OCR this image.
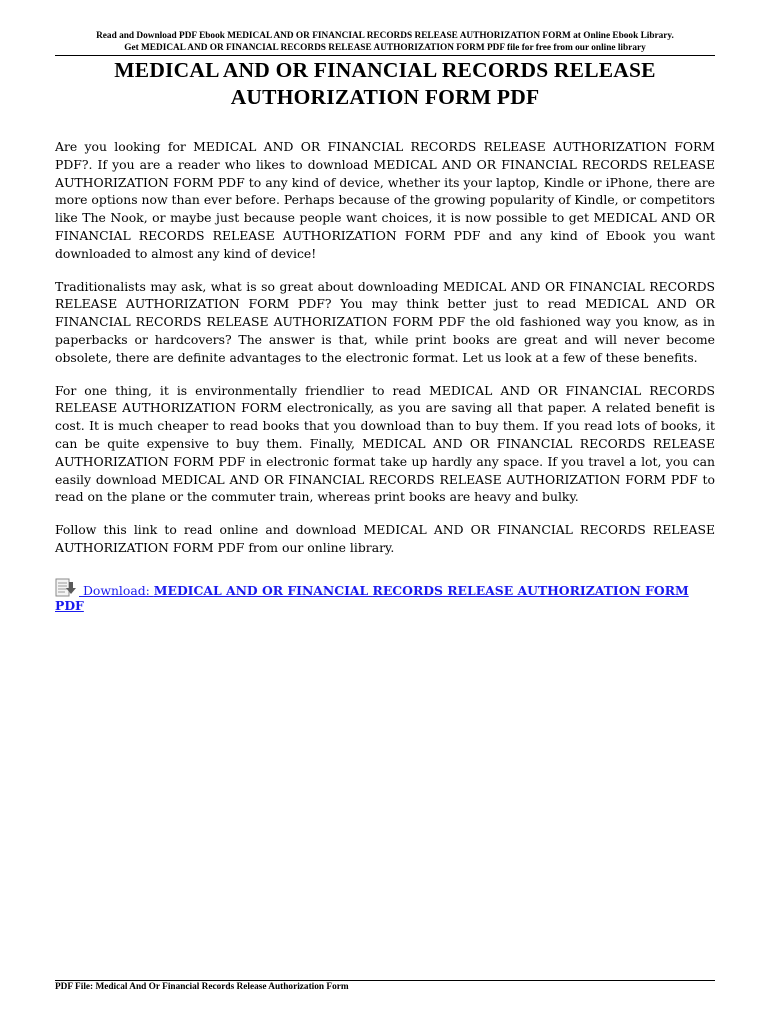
Read and Download PDF Ebook MEDICAL AND OR FINANCIAL RECORDS RELEASE AUTHORIZATION FORM at Online Ebook Library.
Get MEDICAL AND OR FINANCIAL RECORDS RELEASE AUTHORIZATION FORM PDF file for free from our online library
MEDICAL AND OR FINANCIAL RECORDS RELEASE
AUTHORIZATION FORM PDF

Are you looking for MEDICAL AND OR FINANCIAL RECORDS RELEASE AUTHORIZATION FORM PDF?. If you are a reader who likes to download MEDICAL AND OR FINANCIAL RECORDS RELEASE AUTHORIZATION FORM PDF to any kind of device, whether its your laptop, Kindle or iPhone, there are more options now than ever before. Perhaps because of the growing popularity of Kindle, or competitors like The Nook, or maybe just because people want choices, it is now possible to get MEDICAL AND OR FINANCIAL RECORDS RELEASE AUTHORIZATION FORM PDF and any kind of Ebook you want downloaded to almost any kind of device!

Traditionalists may ask, what is so great about downloading MEDICAL AND OR FINANCIAL RECORDS RELEASE AUTHORIZATION FORM PDF? You may think better just to read MEDICAL AND OR FINANCIAL RECORDS RELEASE AUTHORIZATION FORM PDF the old fashioned way you know, as in paperbacks or hardcovers? The answer is that, while print books are great and will never become obsolete, there are definite advantages to the electronic format. Let us look at a few of these benefits.

For one thing, it is environmentally friendlier to read MEDICAL AND OR FINANCIAL RECORDS RELEASE AUTHORIZATION FORM electronically, as you are saving all that paper. A related benefit is cost. It is much cheaper to read books that you download than to buy them. If you read lots of books, it can be quite expensive to buy them. Finally, MEDICAL AND OR FINANCIAL RECORDS RELEASE AUTHORIZATION FORM PDF in electronic format take up hardly any space. If you travel a lot, you can easily download MEDICAL AND OR FINANCIAL RECORDS RELEASE AUTHORIZATION FORM PDF to read on the plane or the commuter train, whereas print books are heavy and bulky.

Follow this link to read online and download MEDICAL AND OR FINANCIAL RECORDS RELEASE AUTHORIZATION FORM PDF from our online library.

Download: MEDICAL AND OR FINANCIAL RECORDS RELEASE AUTHORIZATION FORM PDF
PDF File: Medical And Or Financial Records Release Authorization Form
